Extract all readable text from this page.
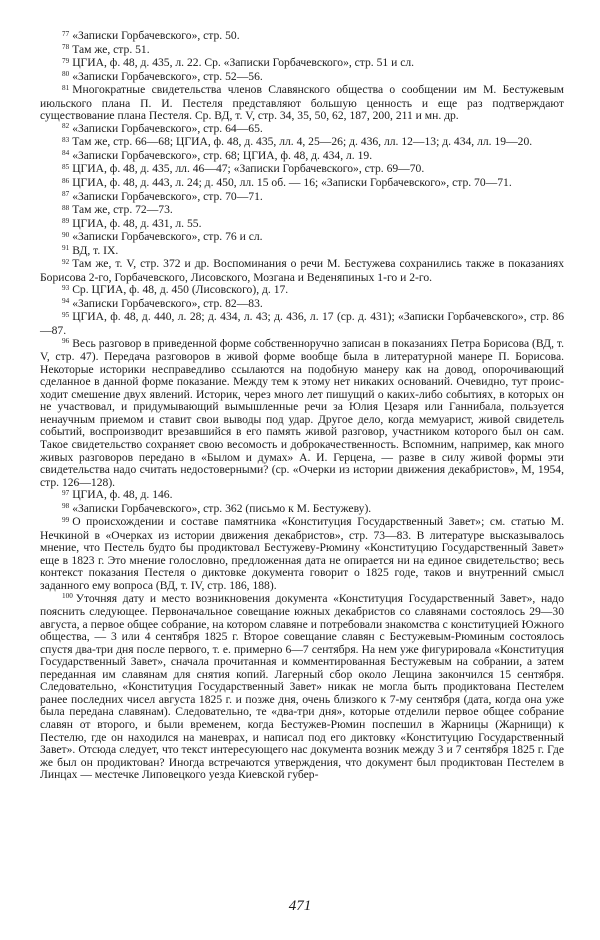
$^{77}$ «Записки Горбачевского», стр. 50.

$^{78}$ Там же, стр. 51.

$^{79}$ ЦГИА, ф. 48, д. 435, л. 22. Ср. «Записки Горбачевского», стр. 51 и сл.

$^{80}$ «Записки Горбачевского», стр. 52—56.

$^{81}$ Многократные свидетельства членов Славянского общества о сообщении им М. Бестужевым июльского плана П. И. Пестеля представляют большую ценность и еще раз подтверждают существование плана Пестеля. Ср. ВД, т. V, стр. 34, 35, 50, 62, 187, 200, 211 и мн. др.

$^{82}$ «Записки Горбачевского», стр. 64—65.

$^{83}$ Там же, стр. 66—68; ЦГИА, ф. 48, д. 435, лл. 4, 25—26; д. 436, лл. 12—13; д. 434, лл. 19—20.

$^{84}$ «Записки Горбачевского», стр. 68; ЦГИА, ф. 48, д. 434, л. 19.

$^{85}$ ЦГИА, ф. 48, д. 435, лл. 46—47; «Записки Горбачевского», стр. 69—70.

$^{86}$ ЦГИА, ф. 48, д. 443, л. 24; д. 450, лл. 15 об. — 16; «Записки Горбачевского», стр. 70—71.

$^{87}$ «Записки Горбачевского», стр. 70—71.

$^{88}$ Там же, стр. 72—73.

$^{89}$ ЦГИА, ф. 48, д. 431, л. 55.

$^{90}$ «Записки Горбачевского», стр. 76 и сл.

$^{91}$ ВД, т. IX.

$^{92}$ Там же, т. V, стр. 372 и др. Воспоминания о речи М. Бестужева сохранились также в показаниях Борисова 2-го, Горбачевского, Лисовского, Мозгана и Веденяпиных 1-го и 2-го.

$^{93}$ Ср. ЦГИА, ф. 48, д. 450 (Лисовского), д. 17.

$^{94}$ «Записки Горбачевского», стр. 82—83.

$^{95}$ ЦГИА, ф. 48, д. 440, л. 28; д. 434, л. 43; д. 436, л. 17 (ср. д. 431); «Записки Горбачевского», стр. 86—87.

$^{96}$ Весь разговор в приведенной форме собственноручно записан в показаниях Петра Борисова (ВД, т. V, стр. 47). Передача разговоров в живой форме вообще была в литературной манере П. Борисова. Некоторые историки несправедливо ссылаются на подобную манеру как на довод, опорочивающий сделанное в данной форме показание. Между тем к этому нет никаких оснований. Очевидно, тут происходит смешение двух явлений. Историк, через много лет пишущий о каких-либо событиях, в которых он не участвовал, и придумывающий вымышленные речи за Юлия Цезаря или Ганнибала, пользуется ненаучным приемом и ставит свои выводы под удар. Другое дело, когда мемуарист, живой свидетель событий, воспроизводит врезавшийся в его память живой разговор, участником которого был он сам. Такое свидетельство сохраняет свою весомость и доброкачественность. Вспомним, например, как много живых разговоров передано в «Былом и думах» А. И. Герцена, — разве в силу живой формы эти свидетельства надо считать недостоверными? (ср. «Очерки из истории движения декабристов», М, 1954, стр. 126—128).

$^{97}$ ЦГИА, ф. 48, д. 146.

$^{98}$ «Записки Горбачевского», стр. 362 (письмо к М. Бестужеву).

$^{99}$ О происхождении и составе памятника «Конституция Государственный Завет»; см. статью М. Нечкиной в «Очерках из истории движения декабристов», стр. 73—83. В литературе высказывалось мнение, что Пестель будто бы продиктовал Бестужеву-Рюмину «Конституцию Государственный Завет» еще в 1823 г. Это мнение голословно, предложенная дата не опирается ни на единое свидетельство; весь контекст показания Пестеля о диктовке документа говорит о 1825 годе, таков и внутренний смысл заданного ему вопроса (ВД, т. IV, стр. 186, 188).

$^{100}$ Уточняя дату и место возникновения документа «Конституция Государственный Завет», надо пояснить следующее. Первоначальное совещание южных декабристов со славянами состоялось 29—30 августа, а первое общее собрание, на котором славяне и потребовали знакомства с конституцией Южного общества, — 3 или 4 сентября 1825 г. Второе совещание славян с Бестужевым-Рюминым состоялось спустя два-три дня после первого, т. е. примерно 6—7 сентября. На нем уже фигурировала «Конституция Государственный Завет», сначала прочитанная и комментированная Бестужевым на собрании, а затем переданная им славянам для снятия копий. Лагерный сбор около Лещина закончился 15 сентября. Следовательно, «Конституция Государственный Завет» никак не могла быть продиктована Пестелем ранее последних чисел августа 1825 г. и позже дня, очень близкого к 7-му сентября (дата, когда она уже была передана славянам). Следовательно, те «два-три дня», которые отделили первое общее собрание славян от второго, и были временем, когда Бестужев-Рюмин поспешил в Жарницы (Жарнищи) к Пестелю, где он находился на маневрах, и написал под его диктовку «Конституцию Государственный Завет». Отсюда следует, что текст интересующего нас документа возник между 3 и 7 сентября 1825 г. Где же был он продиктован? Иногда встречаются утверждения, что документ был продиктован Пестелем в Линцах — местечке Липовецкого уезда Киевской губер-

471
